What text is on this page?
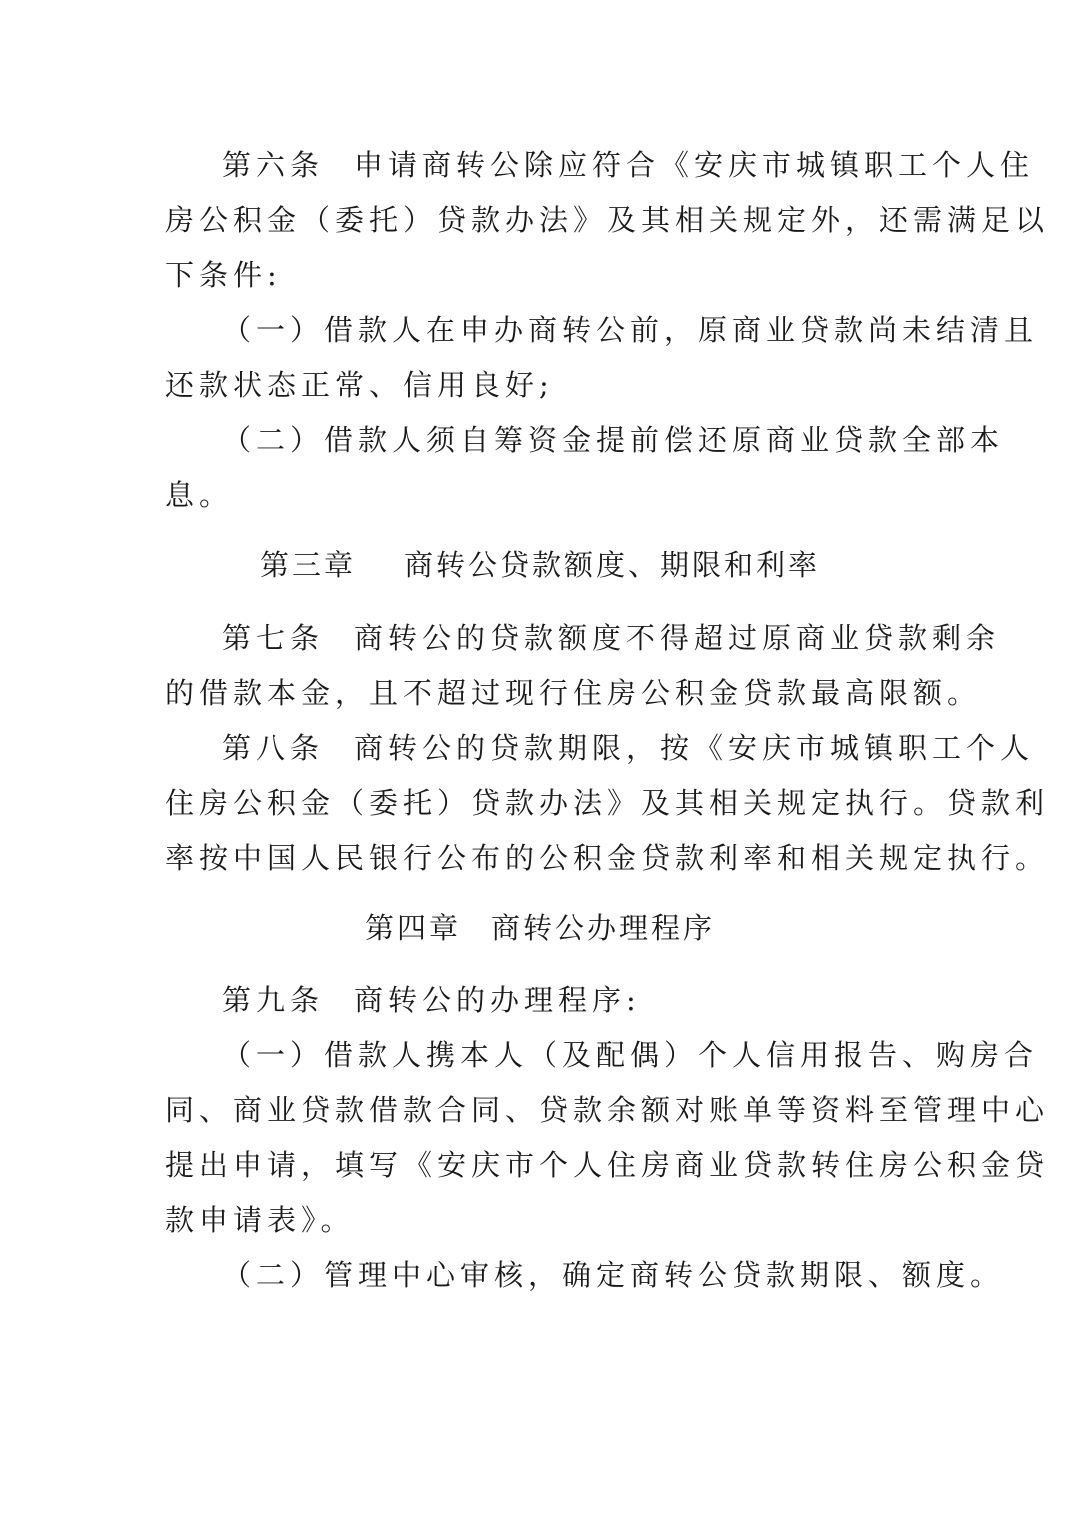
第六条 申请商转公除应符合《安庆市城镇职工个人住
房公积金（委托）贷款办法》及其相关规定外，还需满足以
下条件:
（一）借款人在申办商转公前，原商业贷款尚未结清且
还款状态正常、信用良好;
（二）借款人须自筹资金提前偿还原商业贷款全部本
息。
第三章 商转公贷款额度、期限和利率
第七条 商转公的贷款额度不得超过原商业贷款剩余
的借款本金，且不超过现行住房公积金贷款最高限额。
第八条 商转公的贷款期限，按《安庆市城镇职工个人
住房公积金（委托）贷款办法》及其相关规定执行。贷款利
率按中国人民银行公布的公积金贷款利率和相关规定执行。
第四章 商转公办理程序
第九条 商转公的办理程序:
（一）借款人携本人（及配偶）个人信用报告、购房合
同、商业贷款借款合同、贷款余额对账单等资料至管理中心
提出申请，填写《安庆市个人住房商业贷款转住房公积金贷
款申请表》。
（二）管理中心审核，确定商转公贷款期限、额度。
